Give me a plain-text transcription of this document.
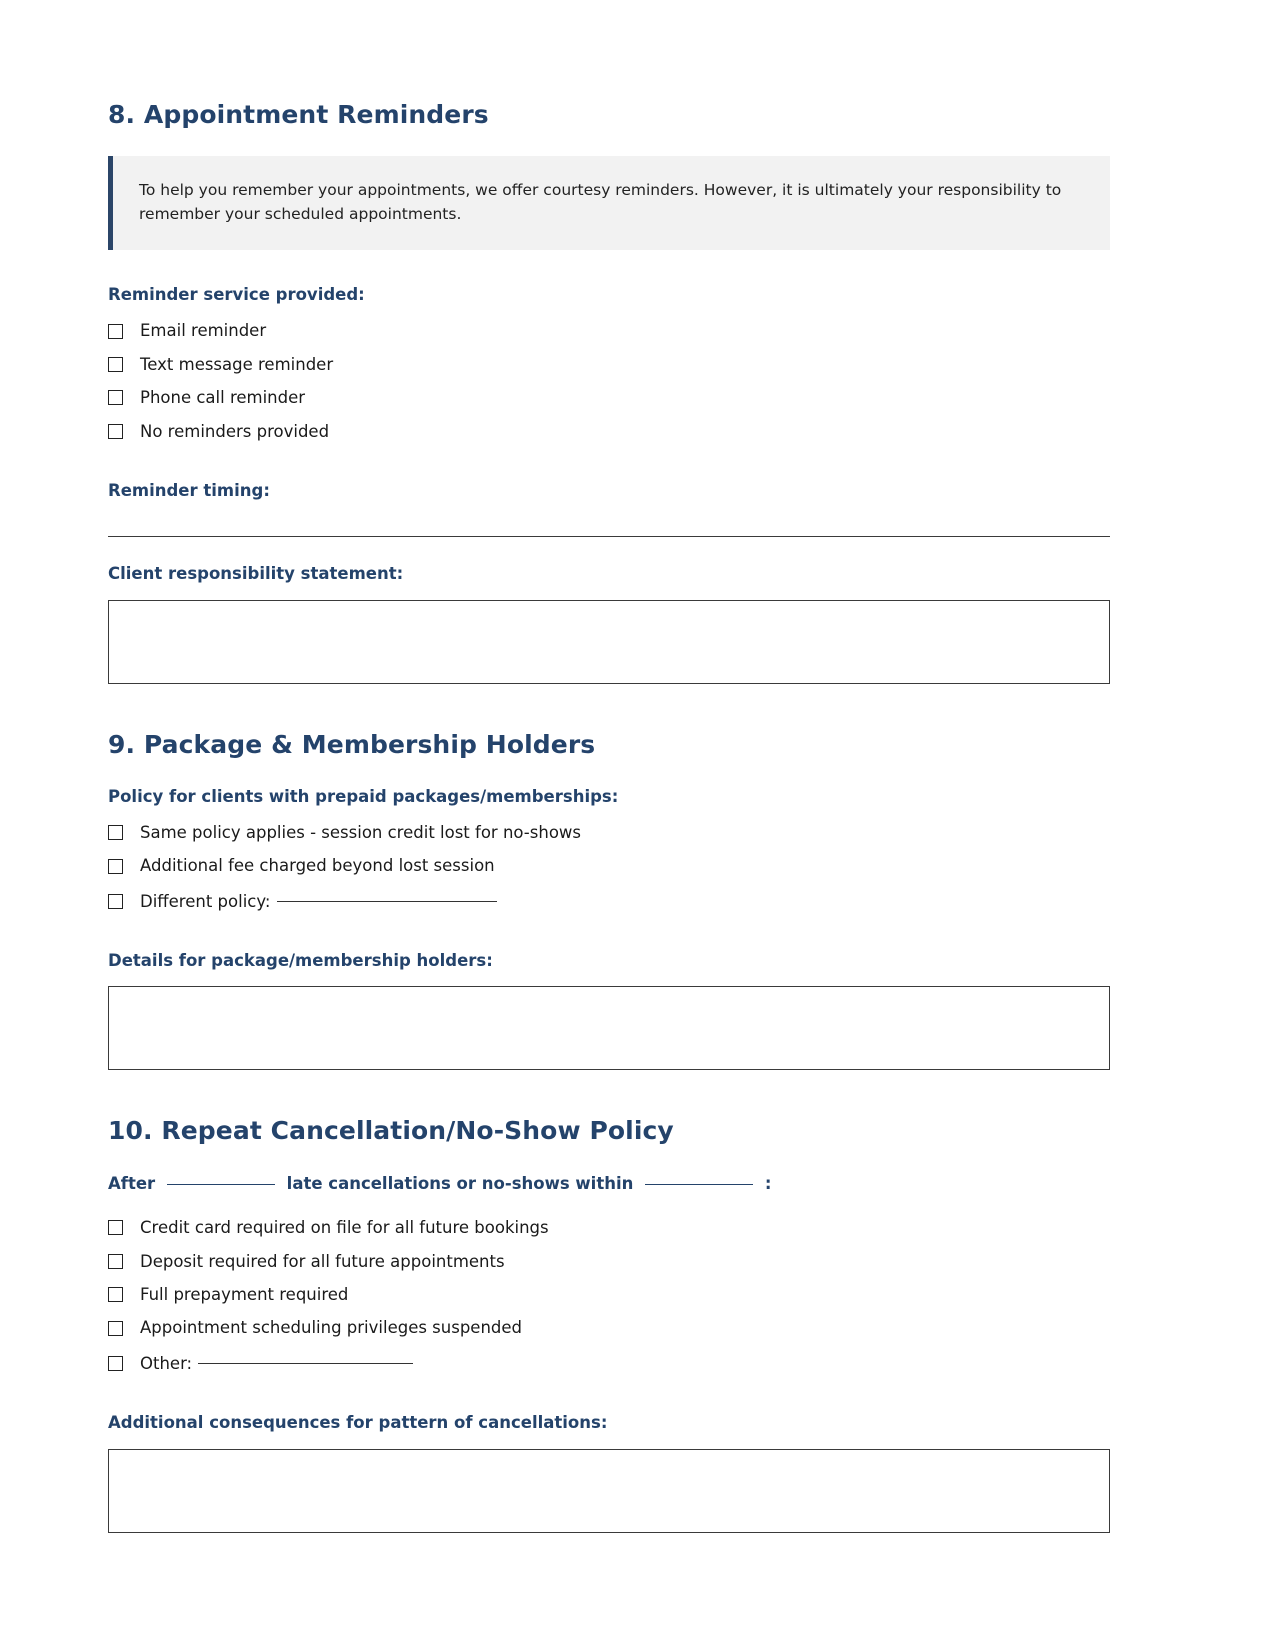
8. Appointment Reminders

To help you remember your appointments, we offer courtesy reminders. However, it is ultimately your responsibility to remember your scheduled appointments.

Reminder service provided:
Email reminder
Text message reminder
Phone call reminder
No reminders provided
Reminder timing:
Client responsibility statement:
9. Package & Membership Holders
Policy for clients with prepaid packages/memberships:
Same policy applies - session credit lost for no-shows
Additional fee charged beyond lost session
Different policy:
Details for package/membership holders:
10. Repeat Cancellation/No-Show Policy
After	late cancellations or no-shows within	:
Credit card required on file for all future bookings
Deposit required for all future appointments
Full prepayment required
Appointment scheduling privileges suspended
Other:
Additional consequences for pattern of cancellations:
